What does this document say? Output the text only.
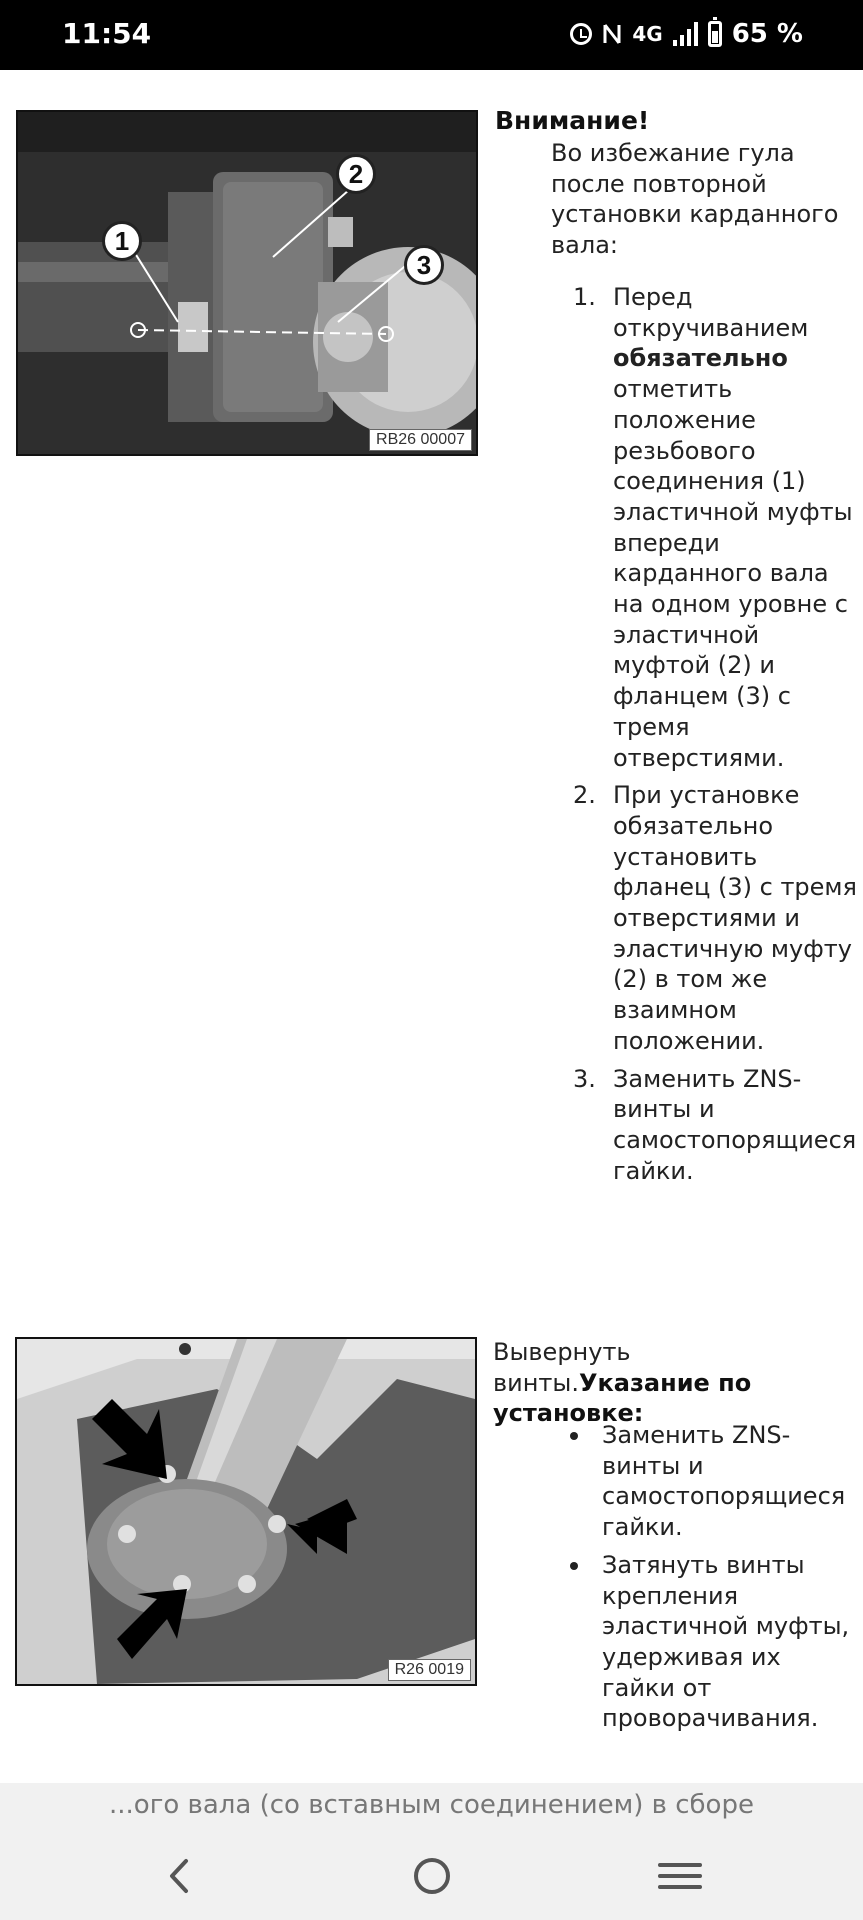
11:54	4G	65 %
1
2
3
RB26 00007
Внимание!
Во избежание гула после повторной установки карданного вала:
1. Перед откручиванием обязательно отметить положение резьбового соединения (1) эластичной муфты впереди карданного вала на одном уровне с эластичной муфтой (2) и фланцем (3) с тремя отверстиями.
2. При установке обязательно установить фланец (3) с тремя отверстиями и эластичную муфту (2) в том же взаимном положении.
3. Заменить ZNS-винты и самостопорящиеся гайки.
R26 0019
Вывернуть винты.Указание по установке:
Заменить ZNS-винты и самостопорящиеся гайки.
Затянуть винты крепления эластичной муфты, удерживая их гайки от проворачивания.
...ого вала (со вставным соединением) в сборе
